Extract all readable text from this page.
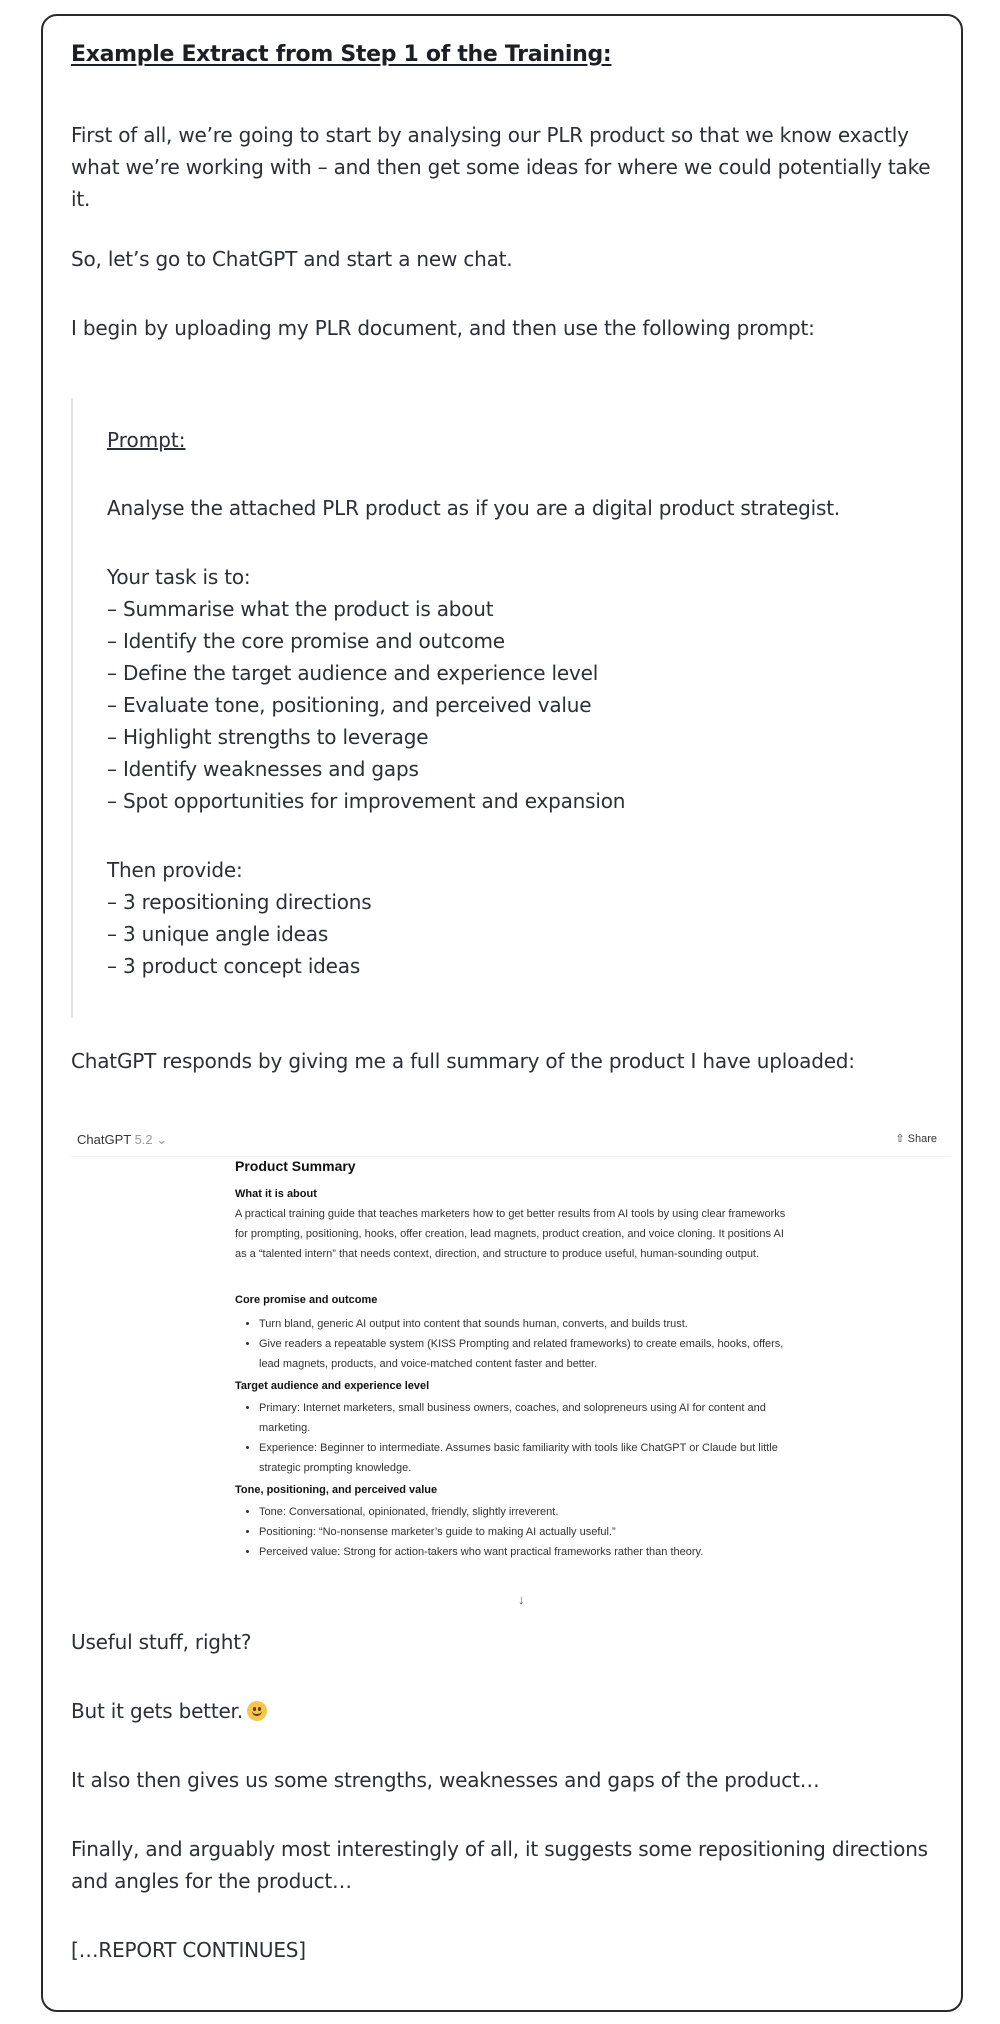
Example Extract from Step 1 of the Training:
First of all, we’re going to start by analysing our PLR product so that we know exactly what we’re working with – and then get some ideas for where we could potentially take it.
So, let’s go to ChatGPT and start a new chat.
I begin by uploading my PLR document, and then use the following prompt:
Prompt:
Analyse the attached PLR product as if you are a digital product strategist.
Your task is to:
– Summarise what the product is about
– Identify the core promise and outcome
– Define the target audience and experience level
– Evaluate tone, positioning, and perceived value
– Highlight strengths to leverage
– Identify weaknesses and gaps
– Spot opportunities for improvement and expansion
Then provide:
– 3 repositioning directions
– 3 unique angle ideas
– 3 product concept ideas
ChatGPT responds by giving me a full summary of the product I have uploaded:
ChatGPT 5.2 ⌄	⇧ Share
Product Summary
What it is about
A practical training guide that teaches marketers how to get better results from AI tools by using clear frameworks for prompting, positioning, hooks, offer creation, lead magnets, product creation, and voice cloning. It positions AI as a “talented intern” that needs context, direction, and structure to produce useful, human-sounding output.
Core promise and outcome
• Turn bland, generic AI output into content that sounds human, converts, and builds trust.
• Give readers a repeatable system (KISS Prompting and related frameworks) to create emails, hooks, offers, lead magnets, products, and voice-matched content faster and better.
Target audience and experience level
• Primary: Internet marketers, small business owners, coaches, and solopreneurs using AI for content and marketing.
• Experience: Beginner to intermediate. Assumes basic familiarity with tools like ChatGPT or Claude but little strategic prompting knowledge.
Tone, positioning, and perceived value
• Tone: Conversational, opinionated, friendly, slightly irreverent.
• Positioning: “No-nonsense marketer’s guide to making AI actually useful.”
• Perceived value: Strong for action-takers who want practical frameworks rather than theory.
↓
Useful stuff, right?
But it gets better.
It also then gives us some strengths, weaknesses and gaps of the product…
Finally, and arguably most interestingly of all, it suggests some repositioning directions and angles for the product…
[…REPORT CONTINUES]
